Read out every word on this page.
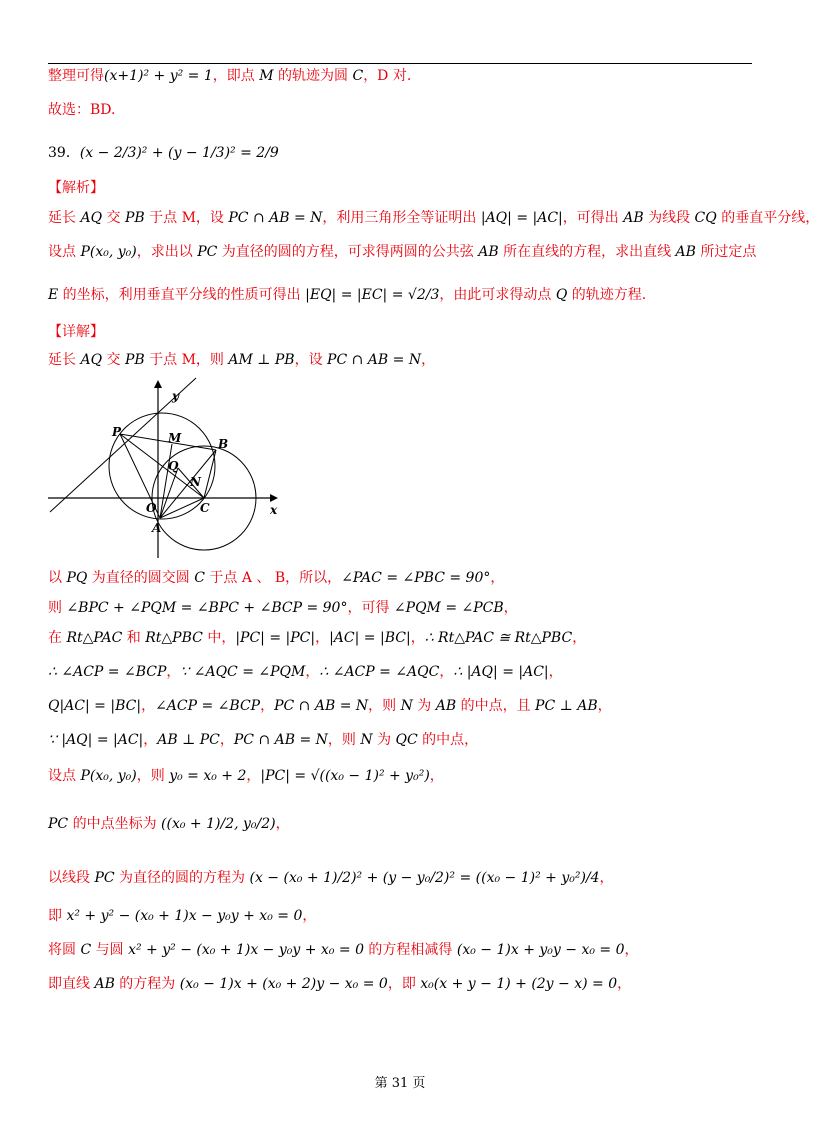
整理可得(x+1)² + y² = 1，即点 M 的轨迹为圆 C，D 对.
故选：BD.
39．(x − 2/3)² + (y − 1/3)² = 2/9
【解析】
延长 AQ 交 PB 于点 M，设 PC ∩ AB = N，利用三角形全等证明出 |AQ| = |AC|，可得出 AB 为线段 CQ 的垂直平分线，
设点 P(x₀, y₀)，求出以 PC 为直径的圆的方程，可求得两圆的公共弦 AB 所在直线的方程，求出直线 AB 所过定点
E 的坐标，利用垂直平分线的性质可得出 |EQ| = |EC| = √2/3，由此可求得动点 Q 的轨迹方程.
【详解】
延长 AQ 交 PB 于点 M，则 AM ⊥ PB，设 PC ∩ AB = N，
以 PQ 为直径的圆交圆 C 于点 A 、 B，所以，∠PAC = ∠PBC = 90°，
则 ∠BPC + ∠PQM = ∠BPC + ∠BCP = 90°，可得 ∠PQM = ∠PCB，
在 Rt△PAC 和 Rt△PBC 中，|PC| = |PC|，|AC| = |BC|，∴ Rt△PAC ≅ Rt△PBC，
∴ ∠ACP = ∠BCP，∵ ∠AQC = ∠PQM，∴ ∠ACP = ∠AQC，∴ |AQ| = |AC|，
Q|AC| = |BC|，∠ACP = ∠BCP，PC ∩ AB = N，则 N 为 AB 的中点，且 PC ⊥ AB，
∵ |AQ| = |AC|，AB ⊥ PC，PC ∩ AB = N，则 N 为 QC 的中点，
设点 P(x₀, y₀)，则 y₀ = x₀ + 2，|PC| = √((x₀ − 1)² + y₀²)，
PC 的中点坐标为 ((x₀ + 1)/2, y₀/2)，
以线段 PC 为直径的圆的方程为 (x − (x₀ + 1)/2)² + (y − y₀/2)² = ((x₀ − 1)² + y₀²)/4，
即 x² + y² − (x₀ + 1)x − y₀y + x₀ = 0，
将圆 C 与圆 x² + y² − (x₀ + 1)x − y₀y + x₀ = 0 的方程相减得 (x₀ − 1)x + y₀y − x₀ = 0，
即直线 AB 的方程为 (x₀ − 1)x + (x₀ + 2)y − x₀ = 0，即 x₀(x + y − 1) + (2y − x) = 0，
y
x
O
A
B
C
P	M
Q
N
第 31 页
